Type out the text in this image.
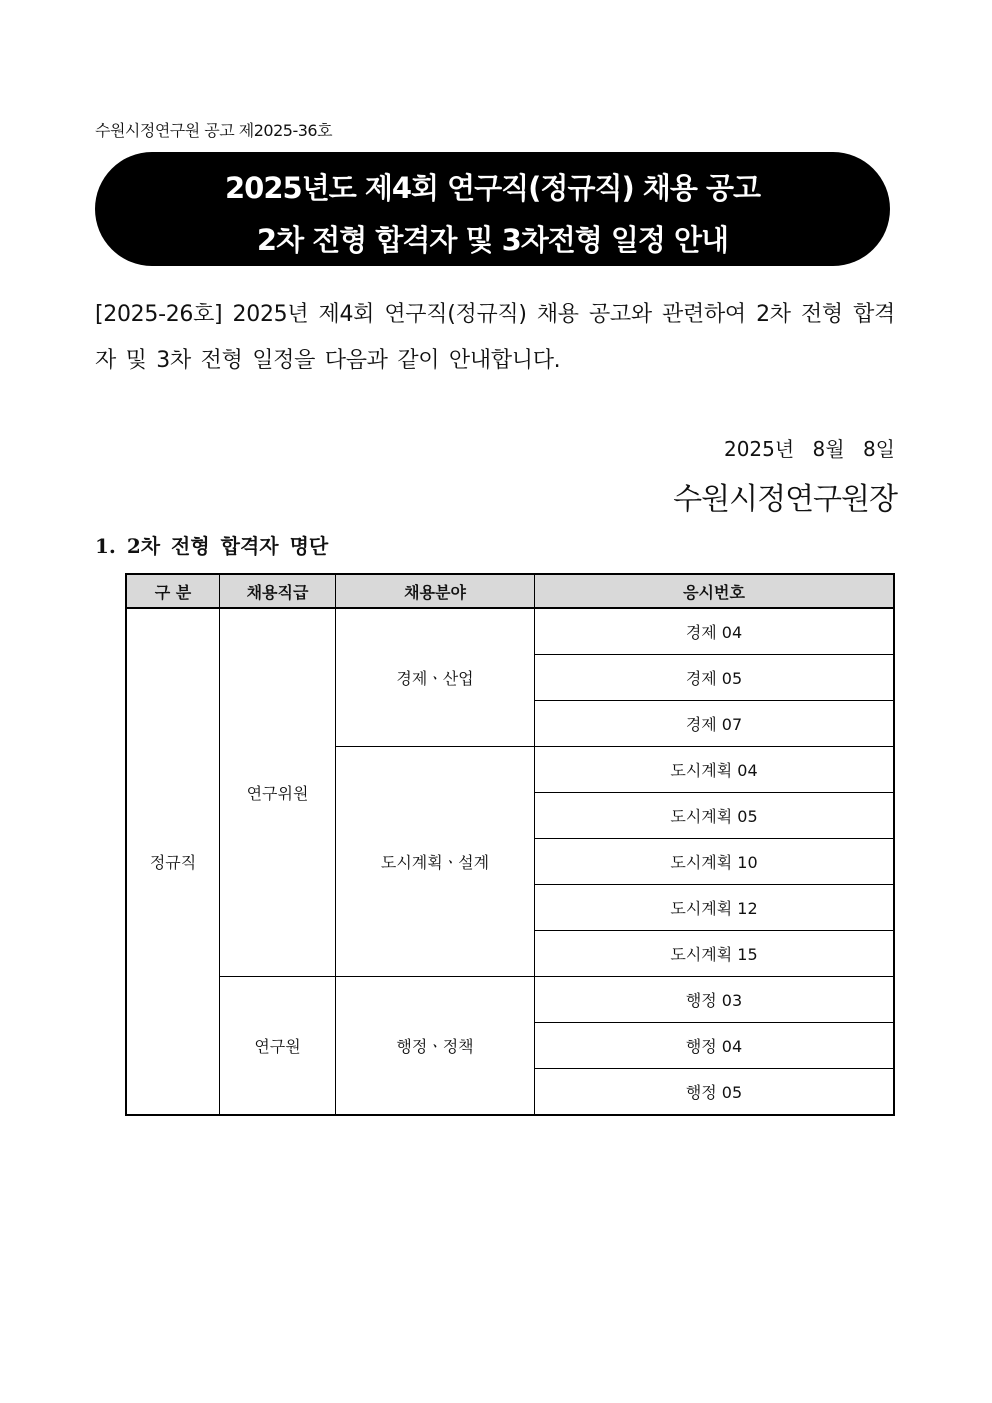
수원시정연구원 공고 제2025-36호
2025년도 제4회 연구직(정규직) 채용 공고
2차 전형 합격자 및 3차전형 일정 안내
[2025-26호] 2025년 제4회 연구직(정규직) 채용 공고와 관련하여 2차 전형 합격자 및 3차 전형 일정을 다음과 같이 안내합니다.
2025년 8월 8일
수원시정연구원장
1. 2차 전형 합격자 명단
구 분	채용직급	채용분야	응시번호
정규직	연구위원	경제ㆍ산업	경제 04
			경제 05
			경제 07
		도시계획ㆍ설계	도시계획 04
			도시계획 05
			도시계획 10
			도시계획 12
			도시계획 15
	연구원	행정ㆍ정책	행정 03
			행정 04
			행정 05
